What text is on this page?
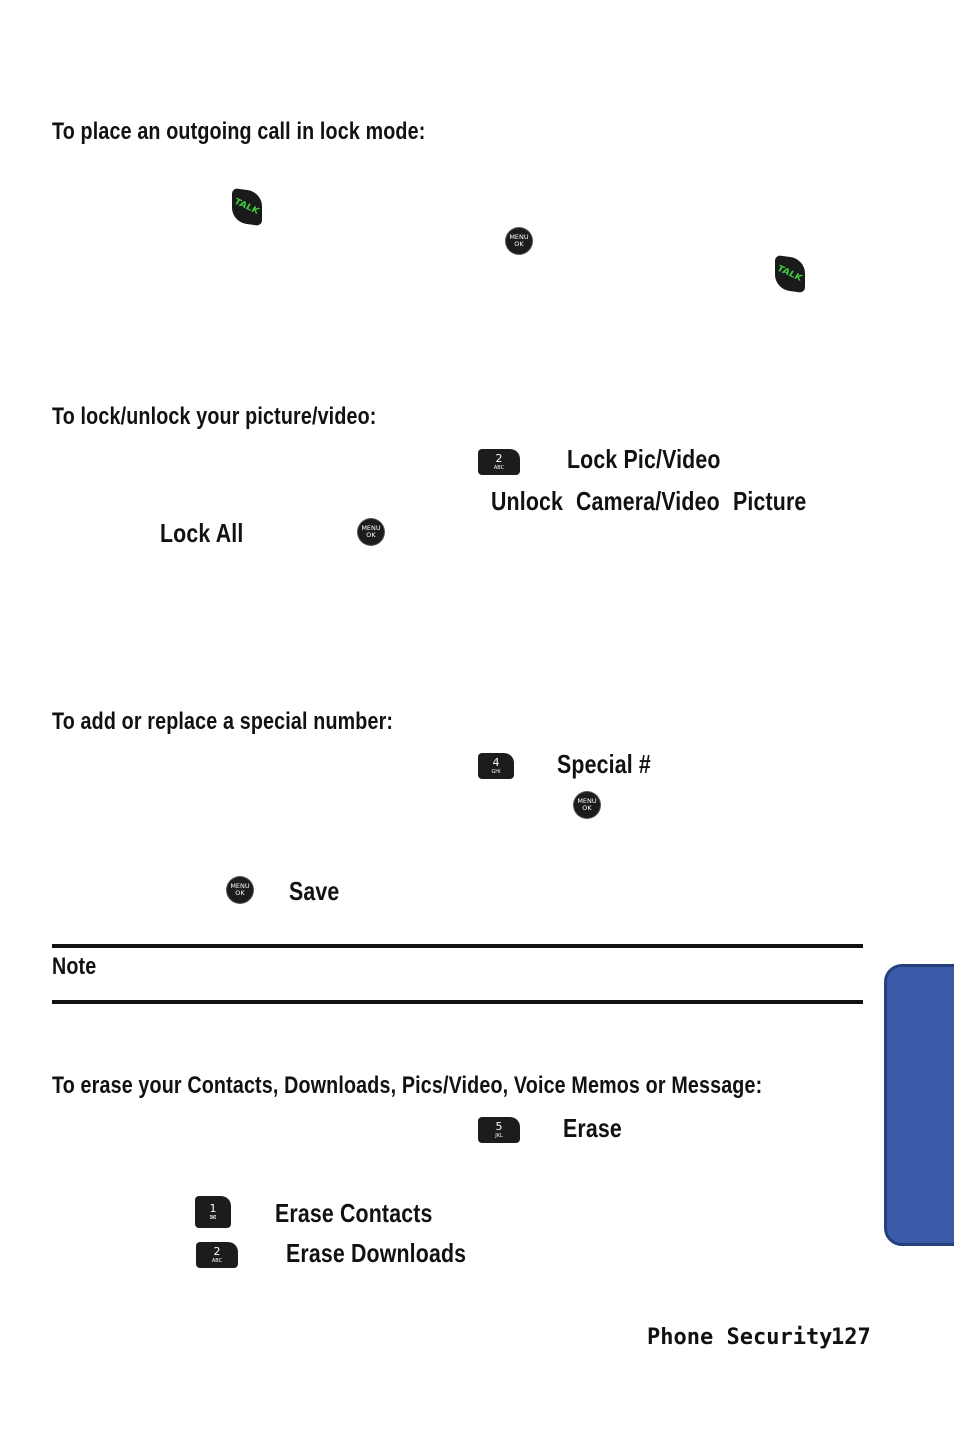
To place an outgoing call in lock mode:
TALK
MENU
OK
TALK
To lock/unlock your picture/video:
2
ABC Lock Pic/Video
Unlock Camera/Video Picture
Lock All	MENU
OK
To add or replace a special number:
4
GHI Special #
MENU
OK
MENU
OK Save
Note
To erase your Contacts, Downloads, Pics/Video, Voice Memos or Message:
5
JKL Erase
1
✉ Erase Contacts
2
ABC Erase Downloads
Phone Security
127
